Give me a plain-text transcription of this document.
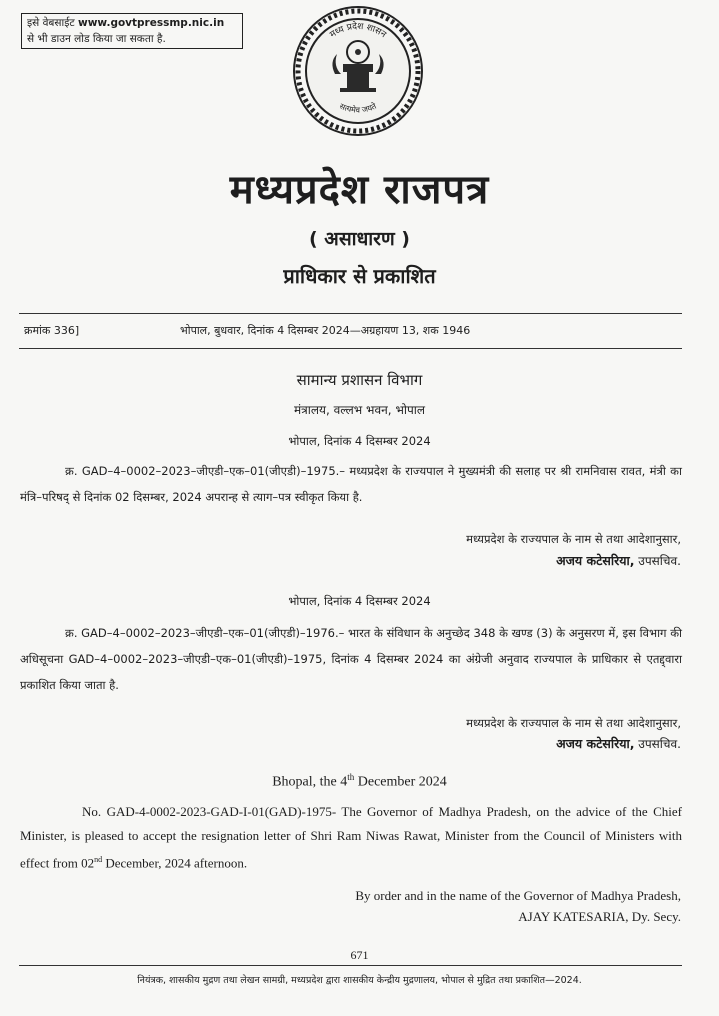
इसे वेबसाईट www.govtpressmp.nic.in
से भी डाउन लोड किया जा सकता है.	मध्य प्रदेश शासन
सत्यमेव जयते
मध्यप्रदेश राजपत्र
( असाधारण )
प्राधिकार से प्रकाशित
क्रमांक 336]	भोपाल, बुधवार, दिनांक 4 दिसम्बर 2024—अग्रहायण 13, शक 1946
सामान्य प्रशासन विभाग
मंत्रालय, वल्लभ भवन, भोपाल
भोपाल, दिनांक 4 दिसम्बर 2024
क्र. GAD–4–0002–2023–जीएडी–एक–01(जीएडी)–1975.– मध्यप्रदेश के राज्यपाल ने मुख्यमंत्री की सलाह पर श्री रामनिवास रावत, मंत्री का मंत्रि–परिषद् से दिनांक 02 दिसम्बर, 2024 अपरान्ह से त्याग–पत्र स्वीकृत किया है.
मध्यप्रदेश के राज्यपाल के नाम से तथा आदेशानुसार,
अजय कटेसरिया, उपसचिव.
भोपाल, दिनांक 4 दिसम्बर 2024
क्र. GAD–4–0002–2023–जीएडी–एक–01(जीएडी)–1976.– भारत के संविधान के अनुच्छेद 348 के खण्ड (3) के अनुसरण में, इस विभाग की अधिसूचना GAD–4–0002–2023–जीएडी–एक–01(जीएडी)–1975, दिनांक 4 दिसम्बर 2024 का अंग्रेजी अनुवाद राज्यपाल के प्राधिकार से एतद्द्वारा प्रकाशित किया जाता है.
मध्यप्रदेश के राज्यपाल के नाम से तथा आदेशानुसार,
अजय कटेसरिया, उपसचिव.
Bhopal, the 4th December 2024
No. GAD-4-0002-2023-GAD-I-01(GAD)-1975- The Governor of Madhya Pradesh, on the advice of the Chief Minister, is pleased to accept the resignation letter of Shri Ram Niwas Rawat, Minister from the Council of Ministers with effect from 02nd December, 2024 afternoon.
By order and in the name of the Governor of Madhya Pradesh,
AJAY KATESARIA, Dy. Secy.
671
नियंत्रक, शासकीय मुद्रण तथा लेखन सामग्री, मध्यप्रदेश द्वारा शासकीय केन्द्रीय मुद्रणालय, भोपाल से मुद्रित तथा प्रकाशित—2024.
